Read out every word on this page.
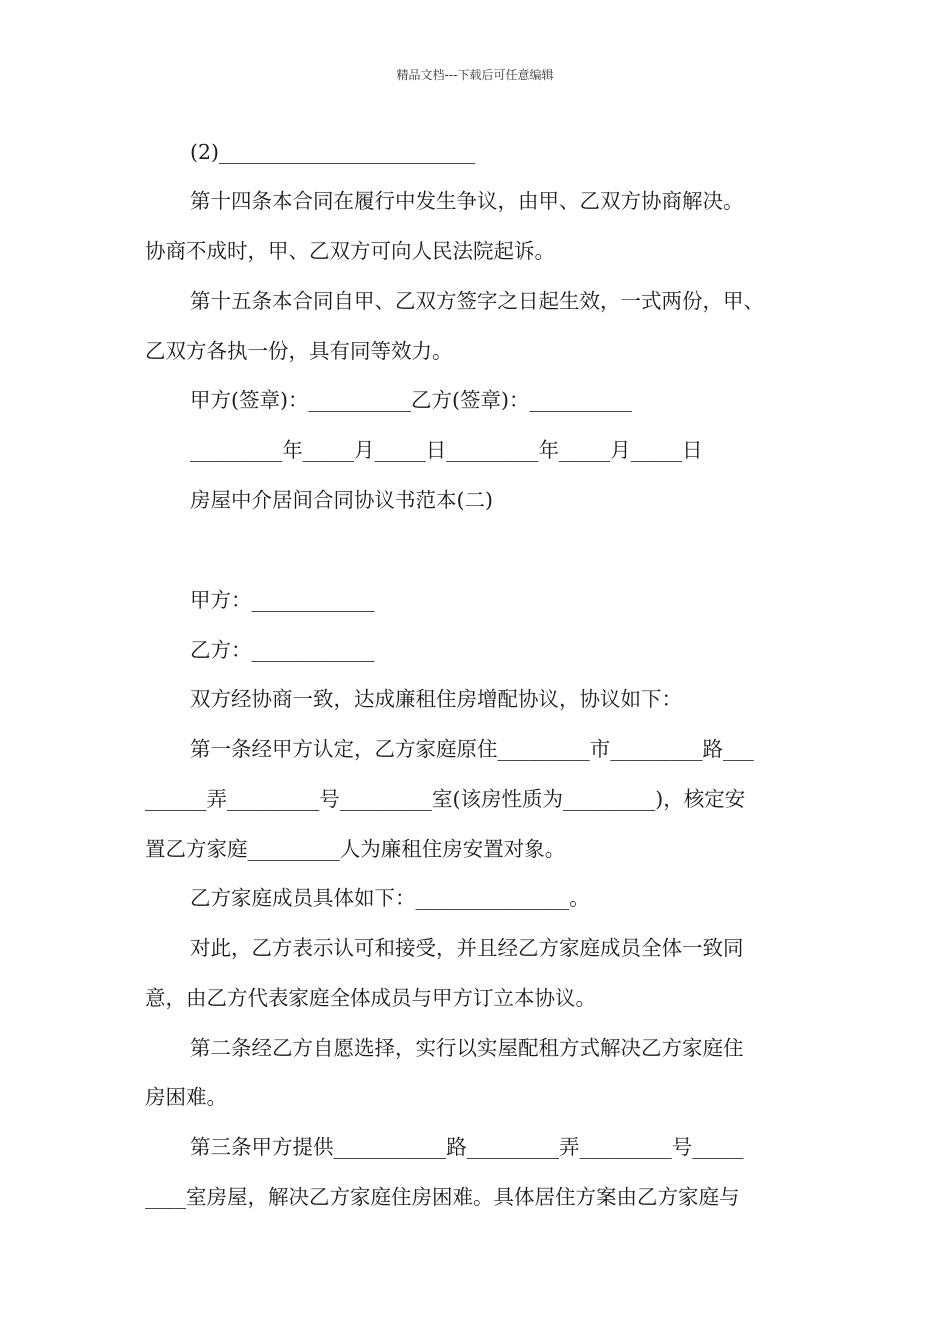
精品文档---下载后可任意编辑
(2)_________________________
第十四条本合同在履行中发生争议，由甲、乙双方协商解决。
协商不成时，甲、乙双方可向人民法院起诉。
第十五条本合同自甲、乙双方签字之日起生效，一式两份，甲、
乙双方各执一份，具有同等效力。
甲方(签章)：__________乙方(签章)：__________
_________年_____月_____日_________年_____月_____日
房屋中介居间合同协议书范本(二)
甲方：____________
乙方：____________
双方经协商一致，达成廉租住房增配协议，协议如下：
第一条经甲方认定，乙方家庭原住_________市_________路___
______弄_________号_________室(该房性质为_________)，核定安
置乙方家庭_________人为廉租住房安置对象。
乙方家庭成员具体如下：_______________。
对此，乙方表示认可和接受，并且经乙方家庭成员全体一致同
意，由乙方代表家庭全体成员与甲方订立本协议。
第二条经乙方自愿选择，实行以实屋配租方式解决乙方家庭住
房困难。
第三条甲方提供___________路_________弄_________号_____
____室房屋，解决乙方家庭住房困难。具体居住方案由乙方家庭与
